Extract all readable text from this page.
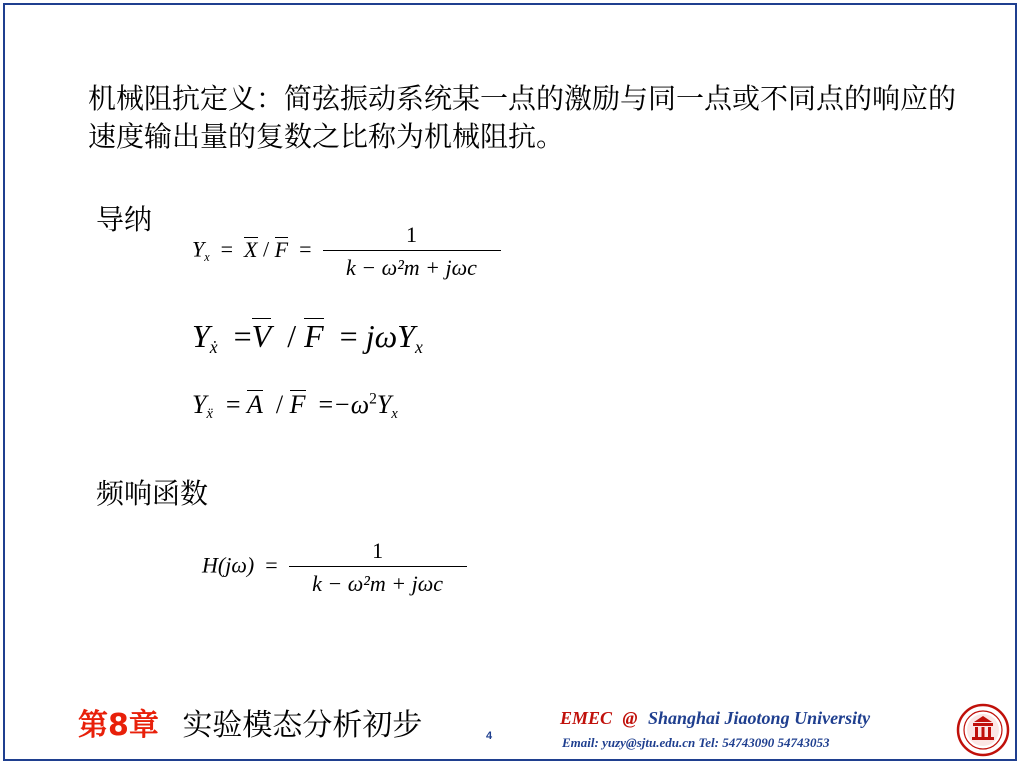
机械阻抗定义：简弦振动系统某一点的激励与同一点或不同点的响应的速度输出量的复数之比称为机械阻抗。
导纳
$Y_x = X / F = \frac{1}{\text{k − ω²m + jωc}}$
$Y_ẋ =V / F = j\omega Y_x$
$Y_ẍ = A / F =-\omega^2Y_x$
频响函数
$H(j\omega) = \frac{1}{\text{k − ω²m + jωc}}$
第8章 实验模态分析初步	4
EMEC @ Shanghai Jiaotong University
Email: yuzy@sjtu.edu.cn Tel: 54743090 54743053
